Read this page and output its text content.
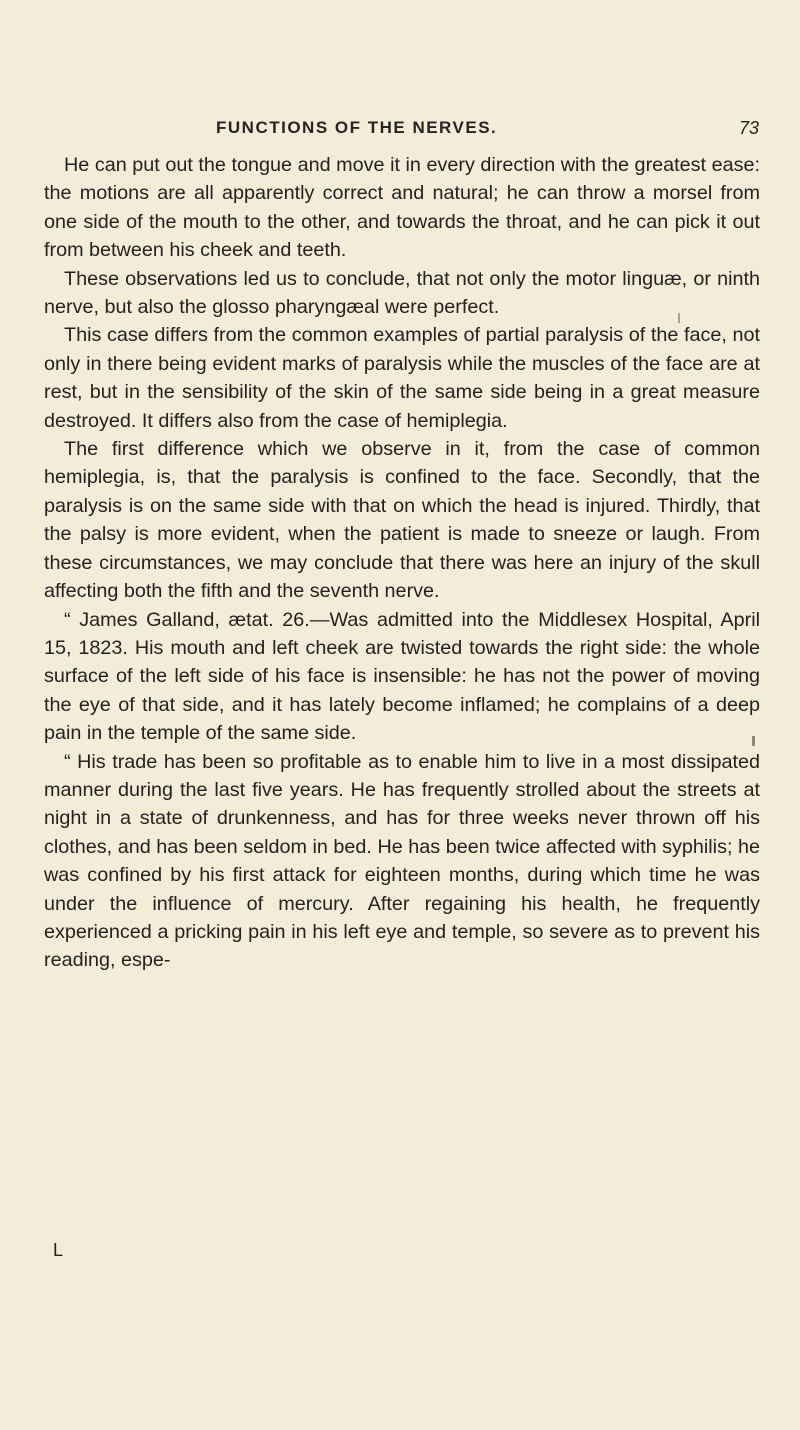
FUNCTIONS OF THE NERVES.	73

He can put out the tongue and move it in every direction with the greatest ease: the motions are all apparently correct and natural; he can throw a morsel from one side of the mouth to the other, and towards the throat, and he can pick it out from between his cheek and teeth.

These observations led us to conclude, that not only the motor linguæ, or ninth nerve, but also the glosso pharyngæal were perfect.

This case differs from the common examples of partial paralysis of the face, not only in there being evident marks of paralysis while the muscles of the face are at rest, but in the sensibility of the skin of the same side being in a great measure destroyed. It differs also from the case of hemiplegia.

The first difference which we observe in it, from the case of common hemiplegia, is, that the paralysis is confined to the face. Secondly, that the paralysis is on the same side with that on which the head is injured. Thirdly, that the palsy is more evident, when the patient is made to sneeze or laugh. From these circumstances, we may conclude that there was here an injury of the skull affecting both the fifth and the seventh nerve.

“ James Galland, ætat. 26.—Was admitted into the Middlesex Hospital, April 15, 1823. His mouth and left cheek are twisted towards the right side: the whole surface of the left side of his face is insensible: he has not the power of moving the eye of that side, and it has lately become inflamed; he complains of a deep pain in the temple of the same side.

“ His trade has been so profitable as to enable him to live in a most dissipated manner during the last five years. He has frequently strolled about the streets at night in a state of drunkenness, and has for three weeks never thrown off his clothes, and has been seldom in bed. He has been twice affected with syphilis; he was confined by his first attack for eighteen months, during which time he was under the influence of mercury. After regaining his health, he frequently experienced a pricking pain in his left eye and temple, so severe as to prevent his reading, espe-

L
